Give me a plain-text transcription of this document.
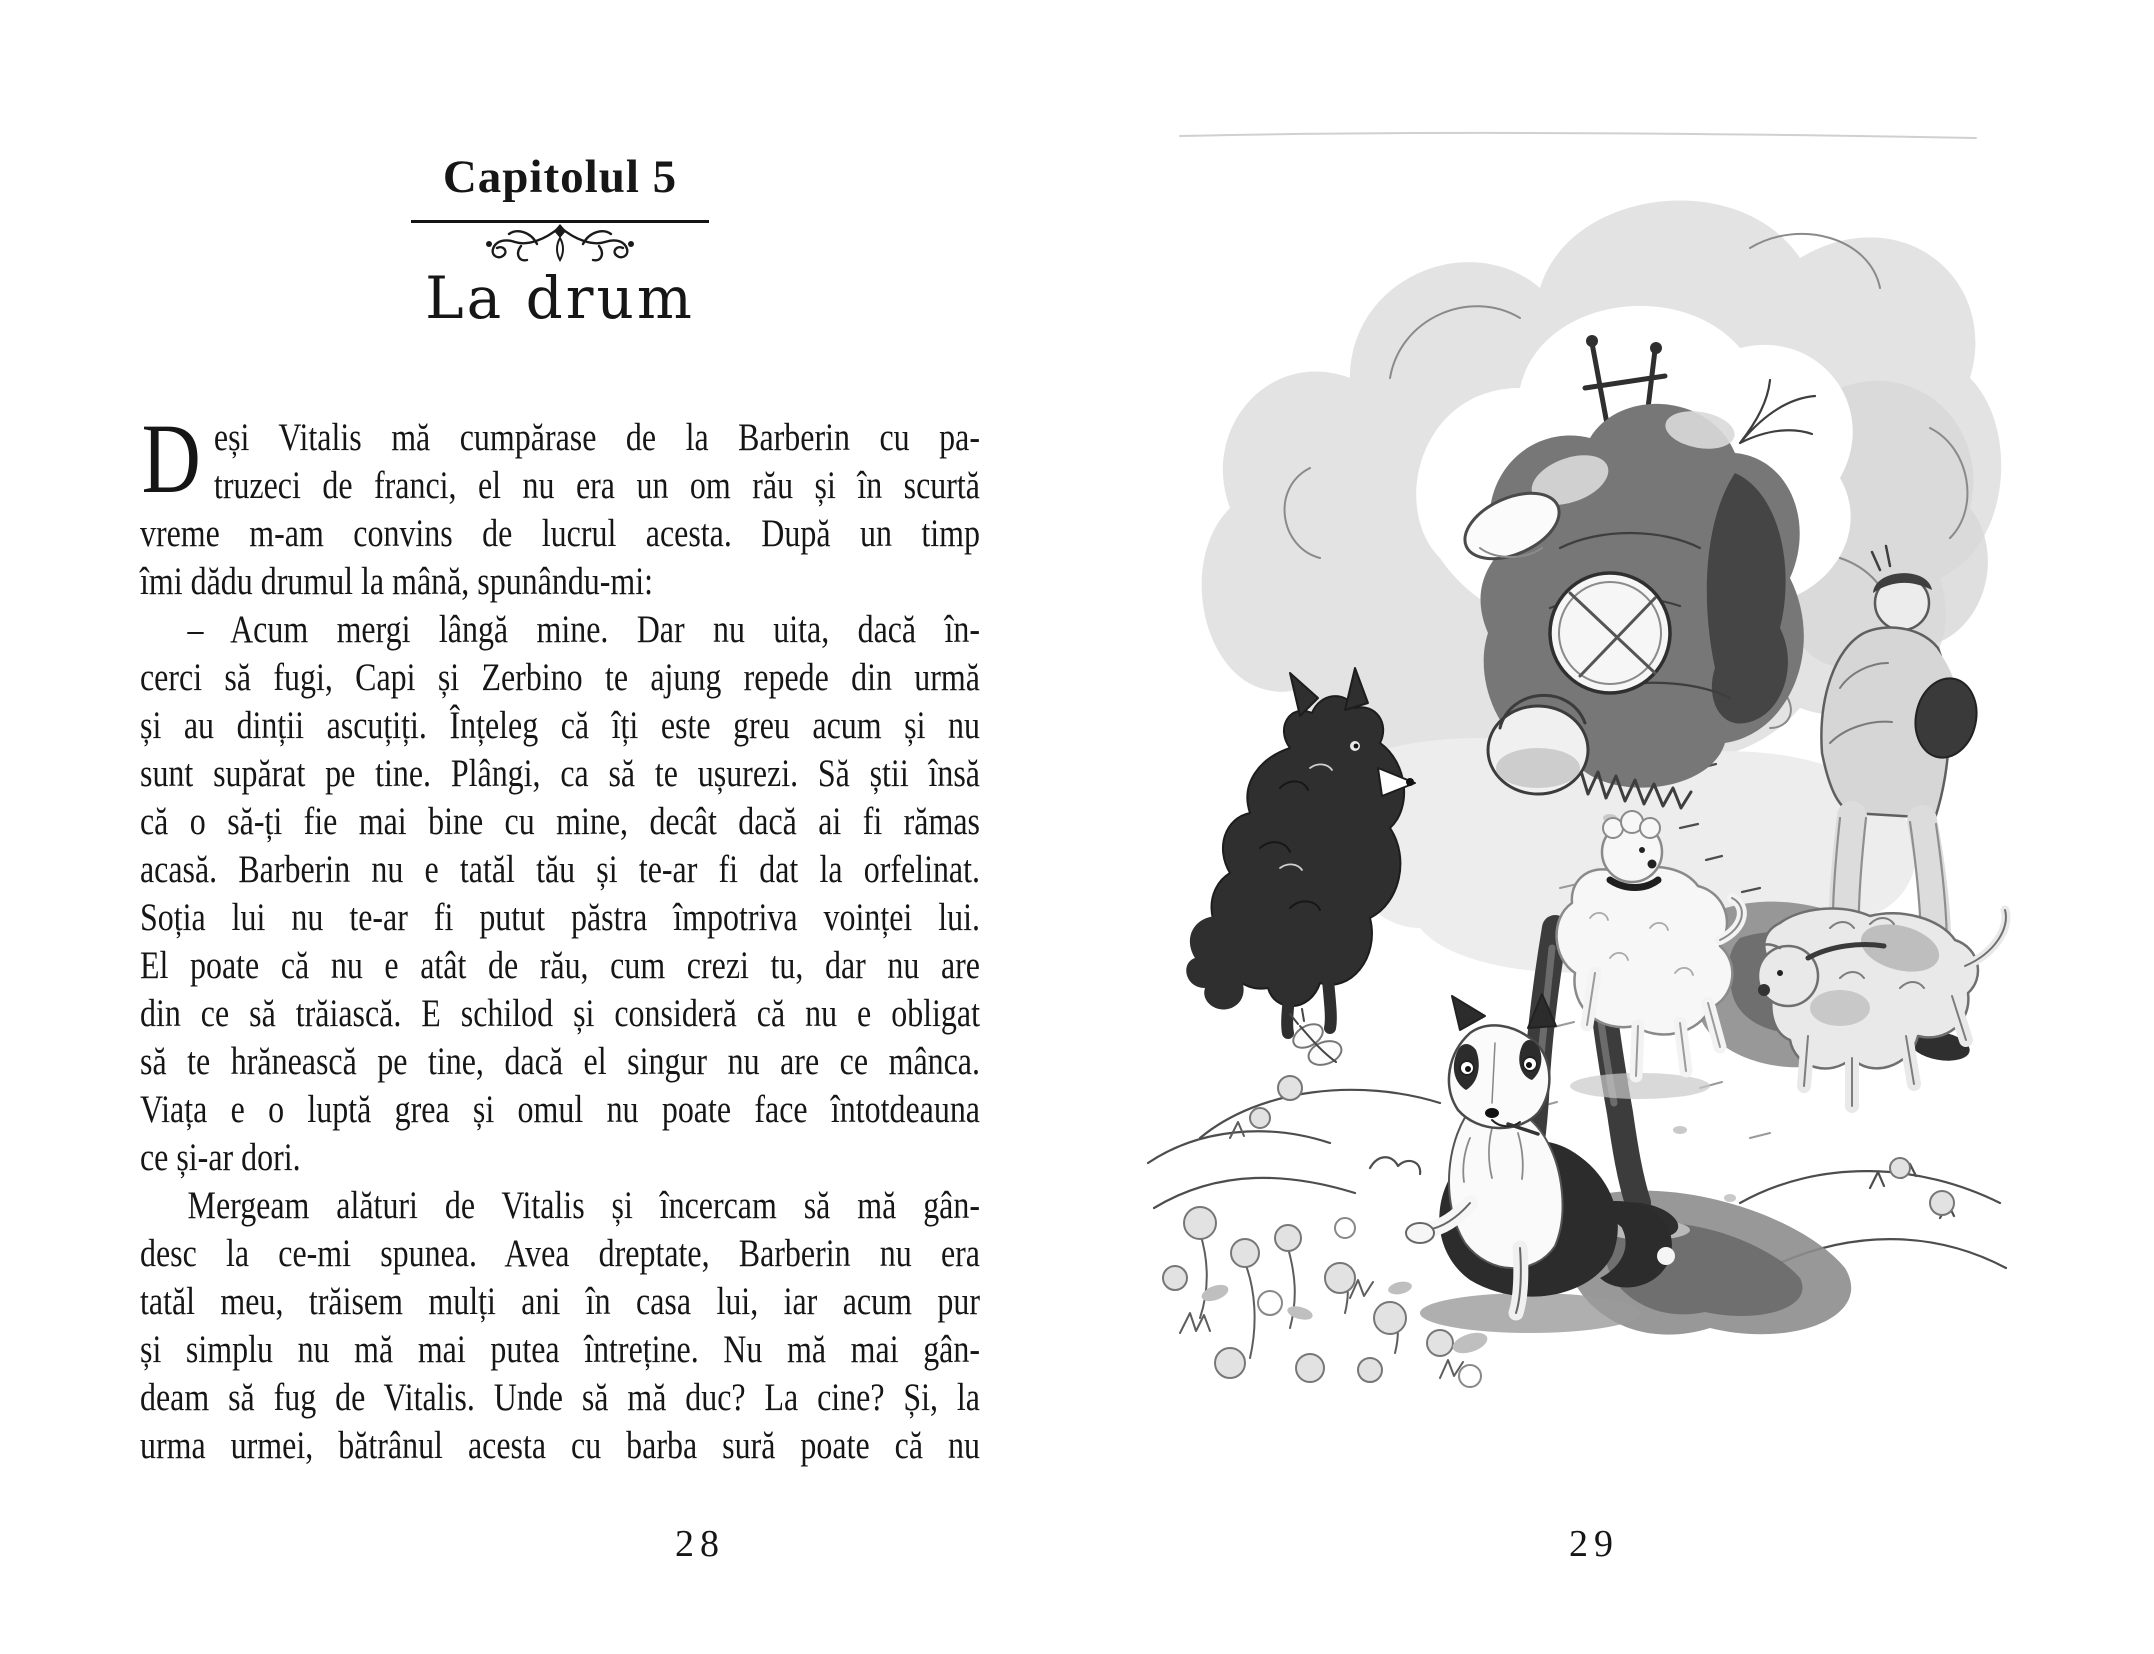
Capitolul 5
La drum
D eși Vitalis mă cumpărase de la Barberin cu pa-
truzeci de franci, el nu era un om rău și în scurtă
vreme m-am convins de lucrul acesta. După un timp
îmi dădu drumul la mână, spunându-mi:
– Acum mergi lângă mine. Dar nu uita, dacă în-
cerci să fugi, Capi și Zerbino te ajung repede din urmă
și au dinții ascuțiți. Înțeleg că îți este greu acum și nu
sunt supărat pe tine. Plângi, ca să te ușurezi. Să știi însă
că o să-ți fie mai bine cu mine, decât dacă ai fi rămas
acasă. Barberin nu e tatăl tău și te-ar fi dat la orfelinat.
Soția lui nu te-ar fi putut păstra împotriva voinței lui.
El poate că nu e atât de rău, cum crezi tu, dar nu are
din ce să trăiască. E schilod și consideră că nu e obligat
să te hrănească pe tine, dacă el singur nu are ce mânca.
Viața e o luptă grea și omul nu poate face întotdeauna
ce și-ar dori.
Mergeam alături de Vitalis și încercam să mă gân-
desc la ce-mi spunea. Avea dreptate, Barberin nu era
tatăl meu, trăisem mulți ani în casa lui, iar acum pur
și simplu nu mă mai putea întreține. Nu mă mai gân-
deam să fug de Vitalis. Unde să mă duc? La cine? Și, la
urma urmei, bătrânul acesta cu barba sură poate că nu
28	29
